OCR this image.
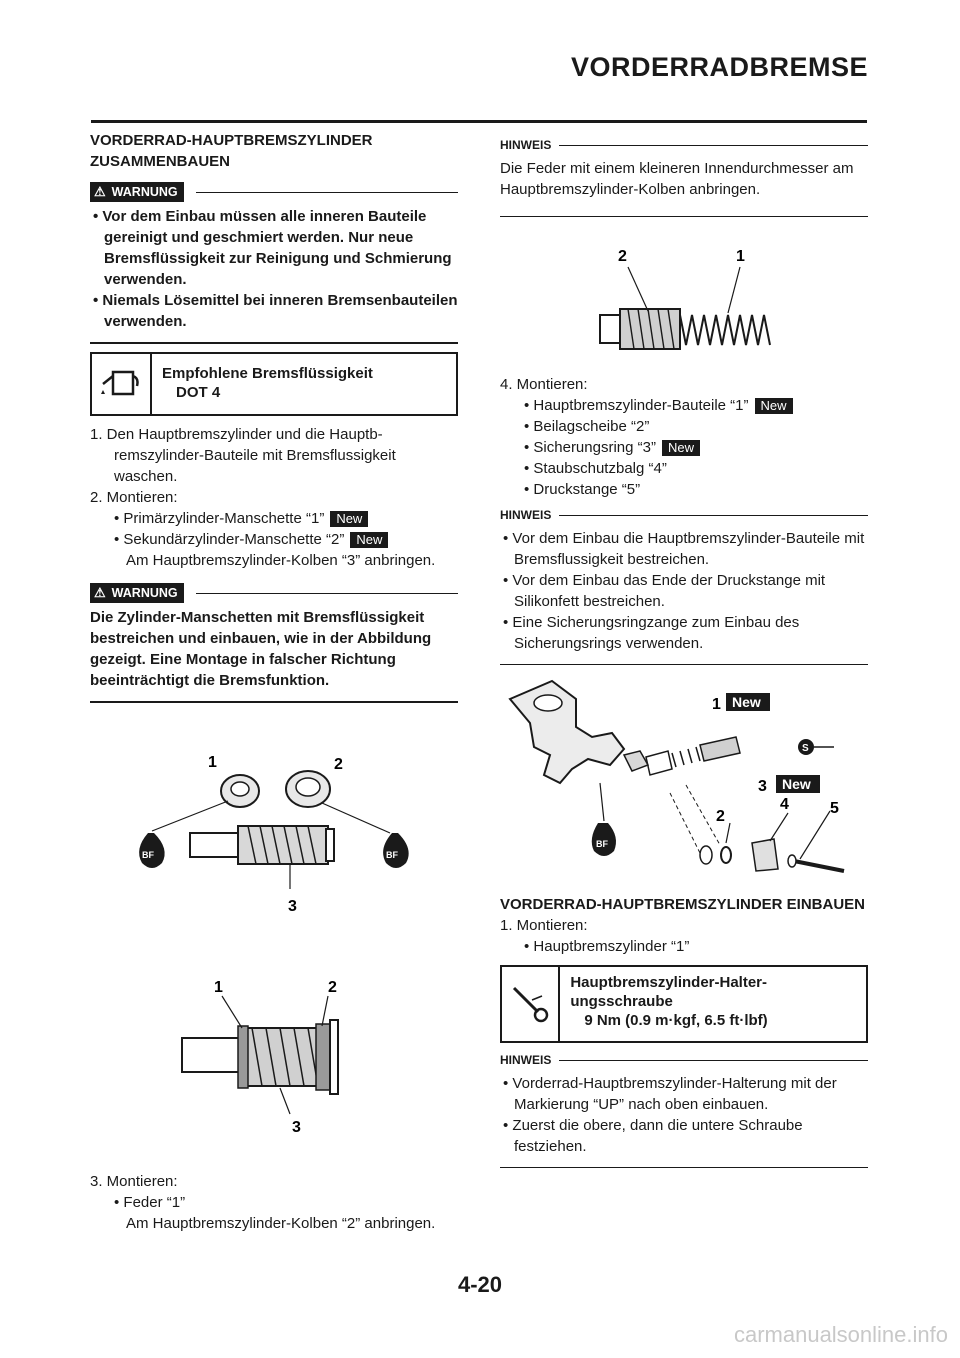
VORDERRADBREMSE
VORDERRAD-HAUPTBREMSZYLINDER ZUSAMMENBAUEN
⚠ WARNUNG
• Vor dem Einbau müssen alle inneren Bauteile gereinigt und geschmiert werden. Nur neue Bremsflüssigkeit zur Reinigung und Schmierung verwenden.
• Niemals Lösemittel bei inneren Bremsenbauteilen verwenden.
Empfohlene Bremsflüssigkeit
DOT 4

1. Den Hauptbremszylinder und die Hauptbremszylinder-Bauteile mit Bremsflussigkeit waschen.

2. Montieren:

• Primärzylinder-Manschette “1” New

• Sekundärzylinder-Manschette “2” New

Am Hauptbremszylinder-Kolben “3” anbringen.

⚠ WARNUNG
Die Zylinder-Manschetten mit Bremsflüssigkeit bestreichen und einbauen, wie in der Abbildung gezeigt. Eine Montage in falscher Richtung beeinträchtigt die Bremsfunktion.
BF	BF
1	2
3

1	2
3

3. Montieren:

• Feder “1”

Am Hauptbremszylinder-Kolben “2” anbringen.

HINWEIS

Die Feder mit einem kleineren Innendurchmesser am Hauptbremszylinder-Kolben anbringen.

2	1

4. Montieren:

• Hauptbremszylinder-Bauteile “1” New

• Beilagscheibe “2”

• Sicherungsring “3” New

• Staubschutzbalg “4”

• Druckstange “5”

HINWEIS

• Vor dem Einbau die Hauptbremszylinder-Bauteile mit Bremsflussigkeit bestreichen.

• Vor dem Einbau das Ende der Druckstange mit Silikonfett bestreichen.

• Eine Sicherungsringzange zum Einbau des Sicherungsrings verwenden.

BF
New
1
New
3
S
2
4	5
VORDERRAD-HAUPTBREMSZYLINDER EINBAUEN

1. Montieren:

• Hauptbremszylinder “1”

Hauptbremszylinder-Halterungsschraube
9 Nm (0.9 m·kgf, 6.5 ft·lbf)
HINWEIS

• Vorderrad-Hauptbremszylinder-Halterung mit der Markierung “UP” nach oben einbauen.

• Zuerst die obere, dann die untere Schraube festziehen.

4-20
carmanualsonline.info
